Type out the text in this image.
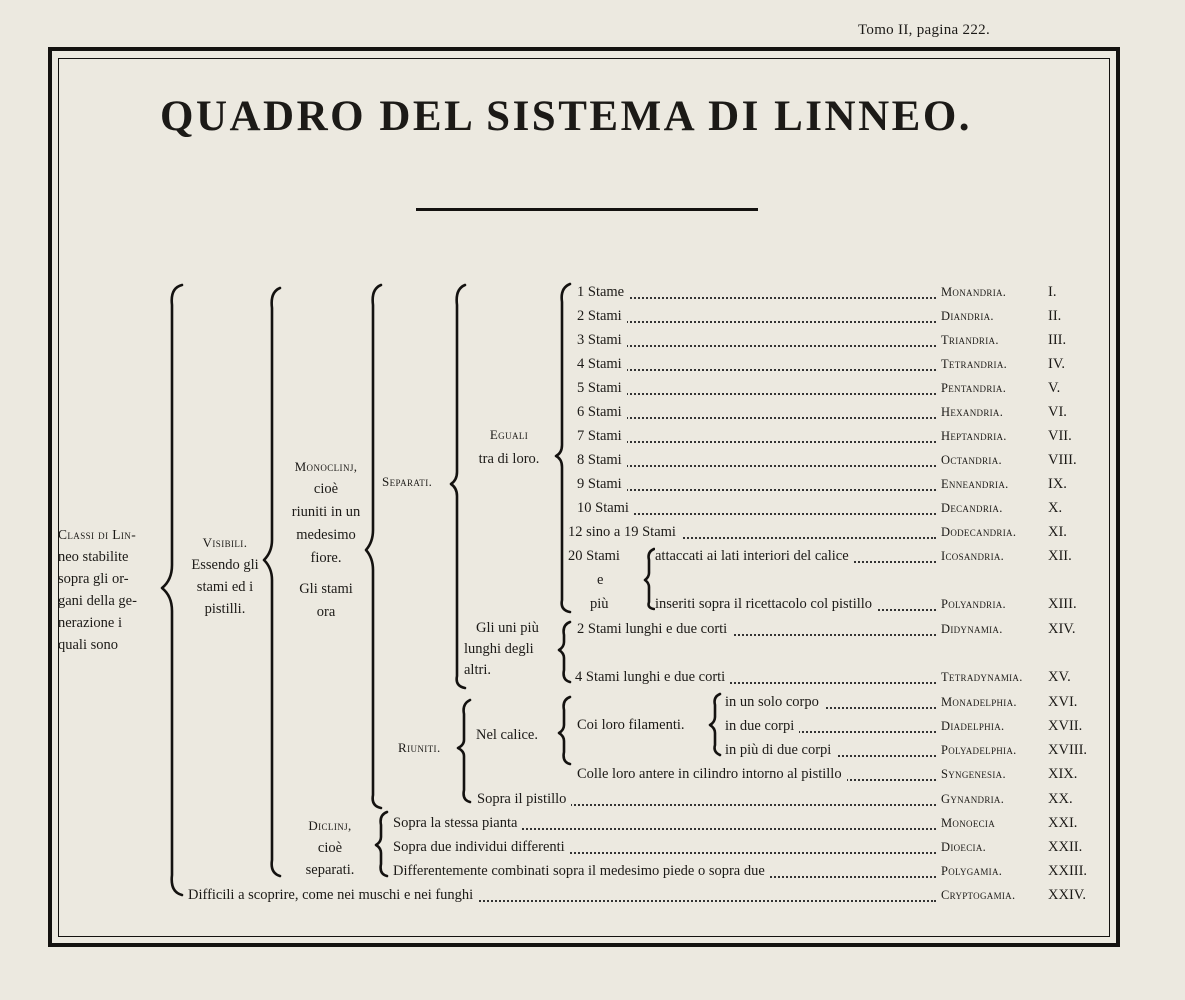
Tomo II, pagina 222.
QUADRO DEL SISTEMA DI LINNEO.
Classi di Lin-
neo stabilite
sopra gli or-
gani della ge-
nerazione i
quali sono
Visibili.
Essendo gli
stami ed i
pistilli.
Monoclinj,
cioè
riuniti in un
medesimo
fiore.
Gli stami
ora
Separati.
Eguali
tra di loro.
Gli uni più
lunghi degli
altri.
Riuniti.
Nel calice.
Coi loro filamenti.
e
Diclinj,
cioè
separati.
1 Stame	Monandria.	I.
2 Stami	Diandria.	II.
3 Stami	Triandria.	III.
4 Stami	Tetrandria.	IV.
5 Stami	Pentandria.	V.
6 Stami	Hexandria.	VI.
7 Stami	Heptandria.	VII.
8 Stami	Octandria.	VIII.
9 Stami	Enneandria.	IX.
10 Stami	Decandria.	X.
12 sino a 19 Stami	Dodecandria. XI.
20 Stami	attaccati ai lati interiori del calice	Icosandria.	XII.
più	inseriti sopra il ricettacolo col pistillo	Polyandria.	XIII.
2 Stami lunghi e due corti	Didynamia.	XIV.
4 Stami lunghi e due corti	Tetradynamia. XV.
in un solo corpo	Monadelphia. XVI.
in due corpi	Diadelphia.	XVII.
in più di due corpi	Polyadelphia. XVIII.
Colle loro antere in cilindro intorno al pistillo	Syngenesia.	XIX.
Sopra il pistillo	Gynandria.	XX.
Sopra la stessa pianta	Monoecia	XXI.
Sopra due individui differenti	Dioecia.	XXII.
Differentemente combinati sopra il medesimo piede o sopra due	Polygamia.	XXIII.
Difficili a scoprire, come nei muschi e nei funghi	Cryptogamia. XXIV.
